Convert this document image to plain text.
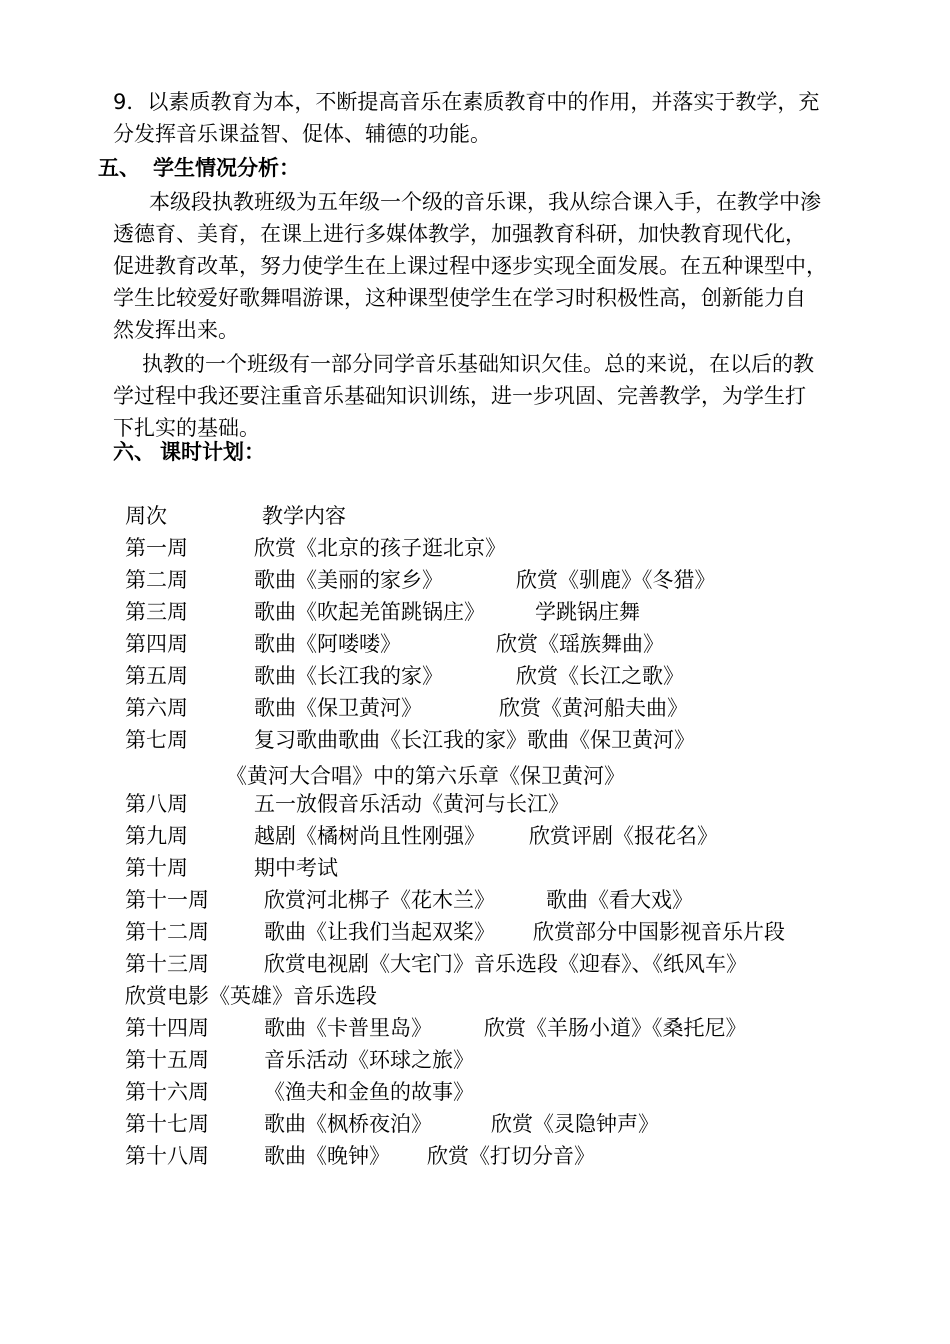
9．以素质教育为本，不断提高音乐在素质教育中的作用，并落实于教学，充
分发挥音乐课益智、促体、辅德的功能。
五、 学生情况分析：
本级段执教班级为五年级一个级的音乐课，我从综合课入手，在教学中渗
透德育、美育，在课上进行多媒体教学，加强教育科研，加快教育现代化，
促进教育改革，努力使学生在上课过程中逐步实现全面发展。在五种课型中，
学生比较爱好歌舞唱游课，这种课型使学生在学习时积极性高，创新能力自
然发挥出来。
执教的一个班级有一部分同学音乐基础知识欠佳。总的来说，在以后的教
学过程中我还要注重音乐基础知识训练，进一步巩固、完善教学，为学生打
下扎实的基础。
六、 课时计划：
周次	教学内容
第一周	欣赏《北京的孩子逛北京》
第二周	歌曲《美丽的家乡》	欣赏《驯鹿》《冬猎》
第三周	歌曲《吹起羌笛跳锅庄》 学跳锅庄舞
第四周	歌曲《阿喽喽》	欣赏《瑶族舞曲》
第五周	歌曲《长江我的家》	欣赏《长江之歌》
第六周	歌曲《保卫黄河》	欣赏《黄河船夫曲》
第七周	复习歌曲歌曲《长江我的家》歌曲《保卫黄河》
《黄河大合唱》中的第六乐章《保卫黄河》
第八周	五一放假音乐活动《黄河与长江》
第九周	越剧《橘树尚且性刚强》 欣赏评剧《报花名》
第十周	期中考试
第十一周	欣赏河北梆子《花木兰》 歌曲《看大戏》
第十二周	歌曲《让我们当起双桨》 欣赏部分中国影视音乐片段
第十三周	欣赏电视剧《大宅门》音乐选段《迎春》、《纸风车》
欣赏电影《英雄》音乐选段
第十四周	歌曲《卡普里岛》 欣赏《羊肠小道》《桑托尼》
第十五周	音乐活动《环球之旅》
第十六周	《渔夫和金鱼的故事》
第十七周	歌曲《枫桥夜泊》	欣赏《灵隐钟声》
第十八周	歌曲《晚钟》 欣赏《打切分音》
